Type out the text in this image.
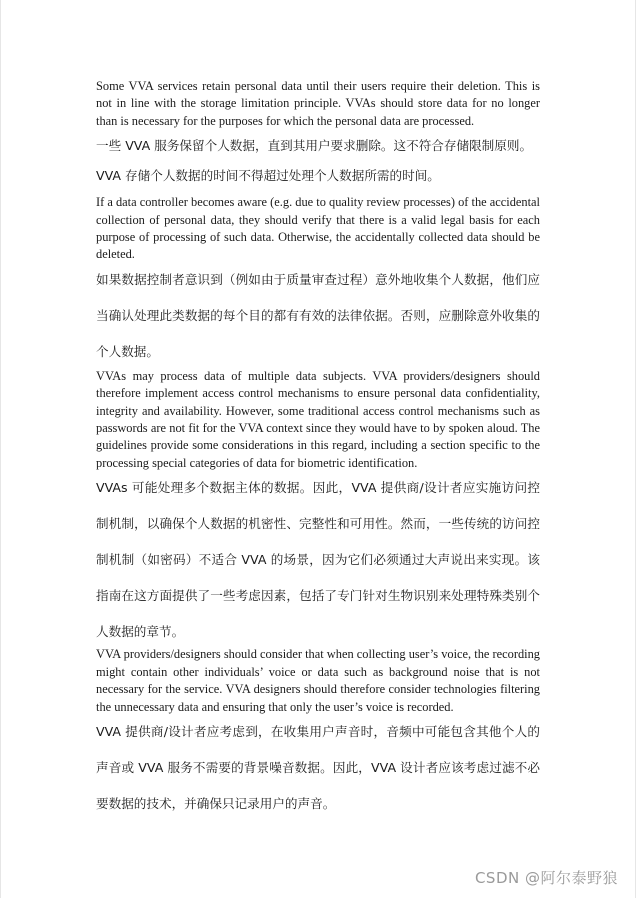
Some VVA services retain personal data until their users require their deletion. This is not in line with the storage limitation principle. VVAs should store data for no longer than is necessary for the purposes for which the personal data are processed.

一些 VVA 服务保留个人数据，直到其用户要求删除。这不符合存储限制原则。

VVA 存储个人数据的时间不得超过处理个人数据所需的时间。

If a data controller becomes aware (e.g. due to quality review processes) of the accidental collection of personal data, they should verify that there is a valid legal basis for each purpose of processing of such data. Otherwise, the accidentally collected data should be deleted.

如果数据控制者意识到（例如由于质量审查过程）意外地收集个人数据，他们应当确认处理此类数据的每个目的都有有效的法律依据。否则，应删除意外收集的个人数据。

VVAs may process data of multiple data subjects. VVA providers/designers should therefore implement access control mechanisms to ensure personal data confidentiality, integrity and availability. However, some traditional access control mechanisms such as passwords are not fit for the VVA context since they would have to by spoken aloud. The guidelines provide some considerations in this regard, including a section specific to the processing special categories of data for biometric identification.

VVAs 可能处理多个数据主体的数据。因此，VVA 提供商/设计者应实施访问控制机制，以确保个人数据的机密性、完整性和可用性。然而，一些传统的访问控制机制（如密码）不适合 VVA 的场景，因为它们必须通过大声说出来实现。该指南在这方面提供了一些考虑因素，包括了专门针对生物识别来处理特殊类别个人数据的章节。

VVA providers/designers should consider that when collecting user’s voice, the recording might contain other individuals’ voice or data such as background noise that is not necessary for the service. VVA designers should therefore consider technologies filtering the unnecessary data and ensuring that only the user’s voice is recorded.

VVA 提供商/设计者应考虑到，在收集用户声音时，音频中可能包含其他个人的声音或 VVA 服务不需要的背景噪音数据。因此，VVA 设计者应该考虑过滤不必要数据的技术，并确保只记录用户的声音。

CSDN @阿尔泰野狼
